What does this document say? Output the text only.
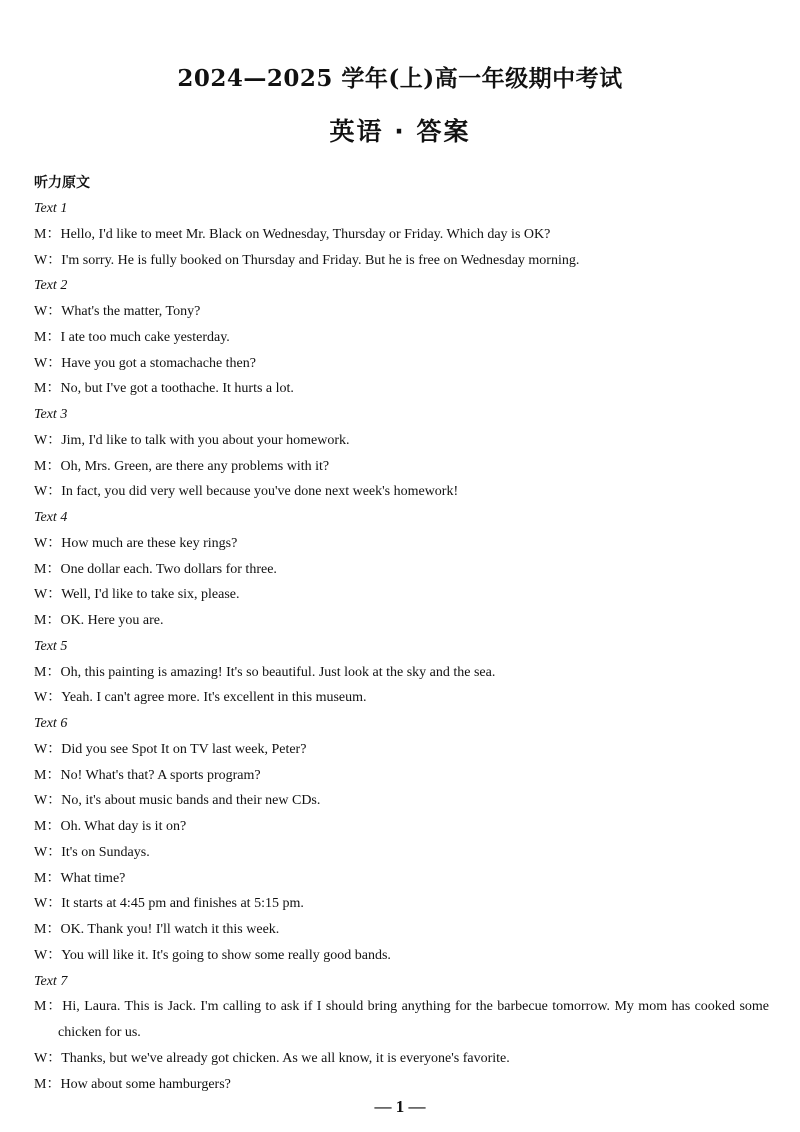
2024—2025 学年(上)高一年级期中考试
英语 · 答案
听力原文
Text 1
M：Hello, I'd like to meet Mr. Black on Wednesday, Thursday or Friday. Which day is OK?
W：I'm sorry. He is fully booked on Thursday and Friday. But he is free on Wednesday morning.
Text 2
W：What's the matter, Tony?
M：I ate too much cake yesterday.
W：Have you got a stomachache then?
M：No, but I've got a toothache. It hurts a lot.
Text 3
W：Jim, I'd like to talk with you about your homework.
M：Oh, Mrs. Green, are there any problems with it?
W：In fact, you did very well because you've done next week's homework!
Text 4
W：How much are these key rings?
M：One dollar each. Two dollars for three.
W：Well, I'd like to take six, please.
M：OK. Here you are.
Text 5
M：Oh, this painting is amazing! It's so beautiful. Just look at the sky and the sea.
W：Yeah. I can't agree more. It's excellent in this museum.
Text 6
W：Did you see Spot It on TV last week, Peter?
M：No! What's that? A sports program?
W：No, it's about music bands and their new CDs.
M：Oh. What day is it on?
W：It's on Sundays.
M：What time?
W：It starts at 4:45 pm and finishes at 5:15 pm.
M：OK. Thank you! I'll watch it this week.
W：You will like it. It's going to show some really good bands.
Text 7
M：Hi, Laura. This is Jack. I'm calling to ask if I should bring anything for the barbecue tomorrow. My mom has cooked some chicken for us.
W：Thanks, but we've already got chicken. As we all know, it is everyone's favorite.
M：How about some hamburgers?
— 1 —
